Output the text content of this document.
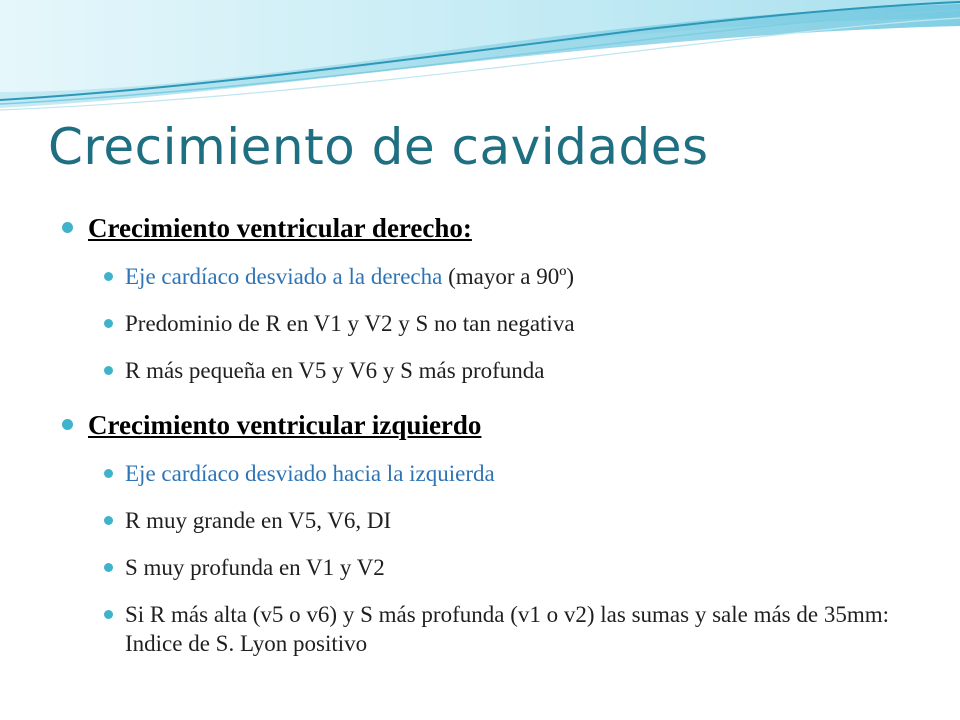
Crecimiento de cavidades

Crecimiento ventricular derecho:

Eje cardíaco desviado a la derecha (mayor a 90º)
Predominio de R en V1 y V2 y S no tan negativa
R más pequeña en V5 y V6 y S más profunda

Crecimiento ventricular izquierdo

Eje cardíaco desviado hacia la izquierda
R muy grande en V5, V6, DI
S muy profunda en V1 y V2
Si R más alta (v5 o v6) y S más profunda (v1 o v2) las sumas y sale más de 35mm: Indice de S. Lyon positivo
